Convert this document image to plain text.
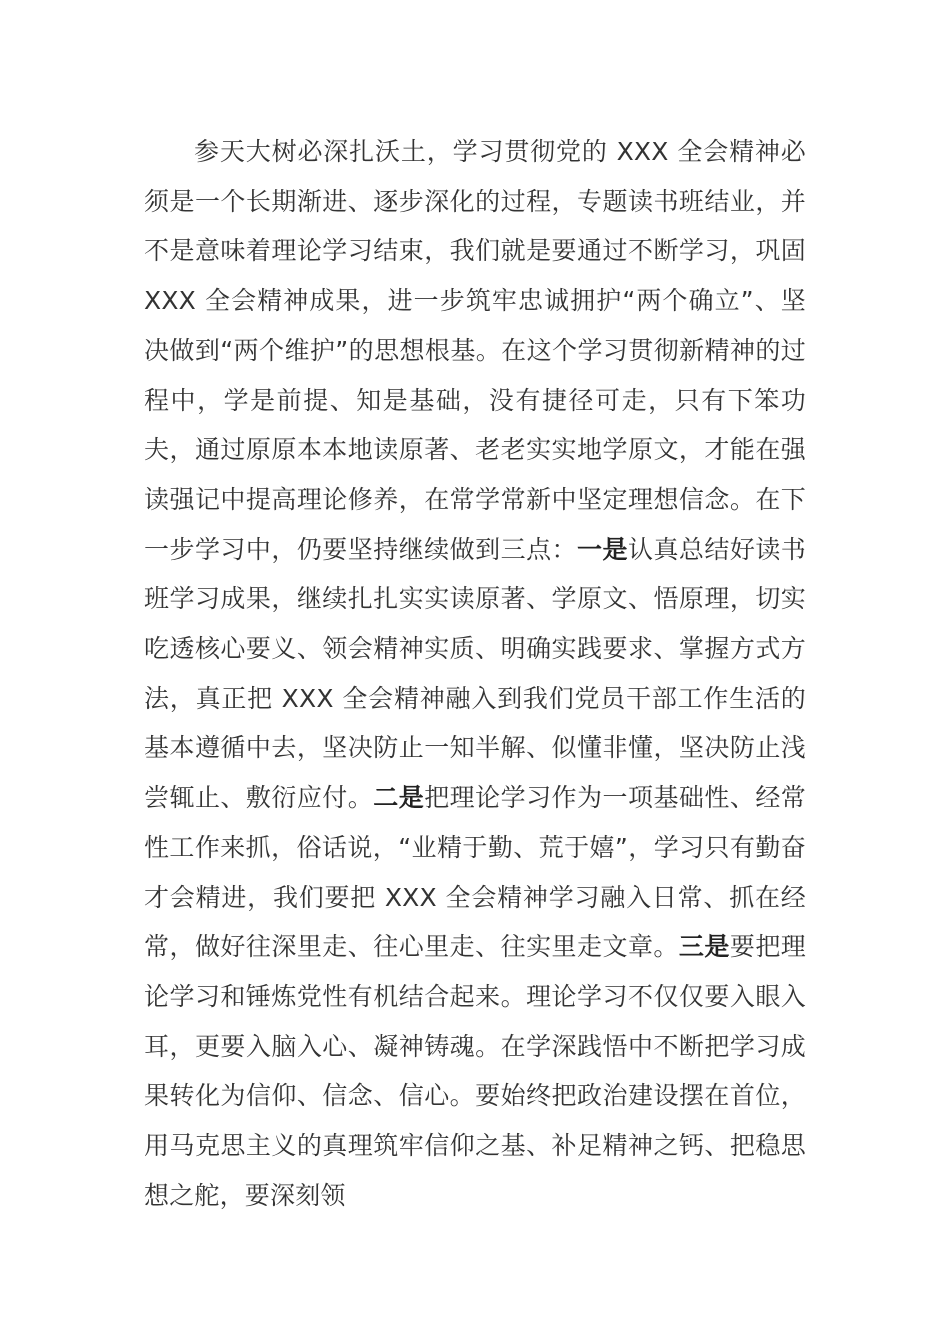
参天大树必深扎沃土，学习贯彻党的 XXX 全会精神必须是一个长期渐进、逐步深化的过程，专题读书班结业，并不是意味着理论学习结束，我们就是要通过不断学习，巩固 XXX 全会精神成果，进一步筑牢忠诚拥护“两个确立”、坚决做到“两个维护”的思想根基。在这个学习贯彻新精神的过程中，学是前提、知是基础，没有捷径可走，只有下笨功夫，通过原原本本地读原著、老老实实地学原文，才能在强读强记中提高理论修养，在常学常新中坚定理想信念。在下一步学习中，仍要坚持继续做到三点：一是认真总结好读书班学习成果，继续扎扎实实读原著、学原文、悟原理，切实吃透核心要义、领会精神实质、明确实践要求、掌握方式方法，真正把 XXX 全会精神融入到我们党员干部工作生活的基本遵循中去，坚决防止一知半解、似懂非懂，坚决防止浅尝辄止、敷衍应付。二是把理论学习作为一项基础性、经常性工作来抓，俗话说，“业精于勤、荒于嬉”，学习只有勤奋才会精进，我们要把 XXX 全会精神学习融入日常、抓在经常，做好往深里走、往心里走、往实里走文章。三是要把理论学习和锤炼党性有机结合起来。理论学习不仅仅要入眼入耳，更要入脑入心、凝神铸魂。在学深践悟中不断把学习成果转化为信仰、信念、信心。要始终把政治建设摆在首位，用马克思主义的真理筑牢信仰之基、补足精神之钙、把稳思想之舵，要深刻领
